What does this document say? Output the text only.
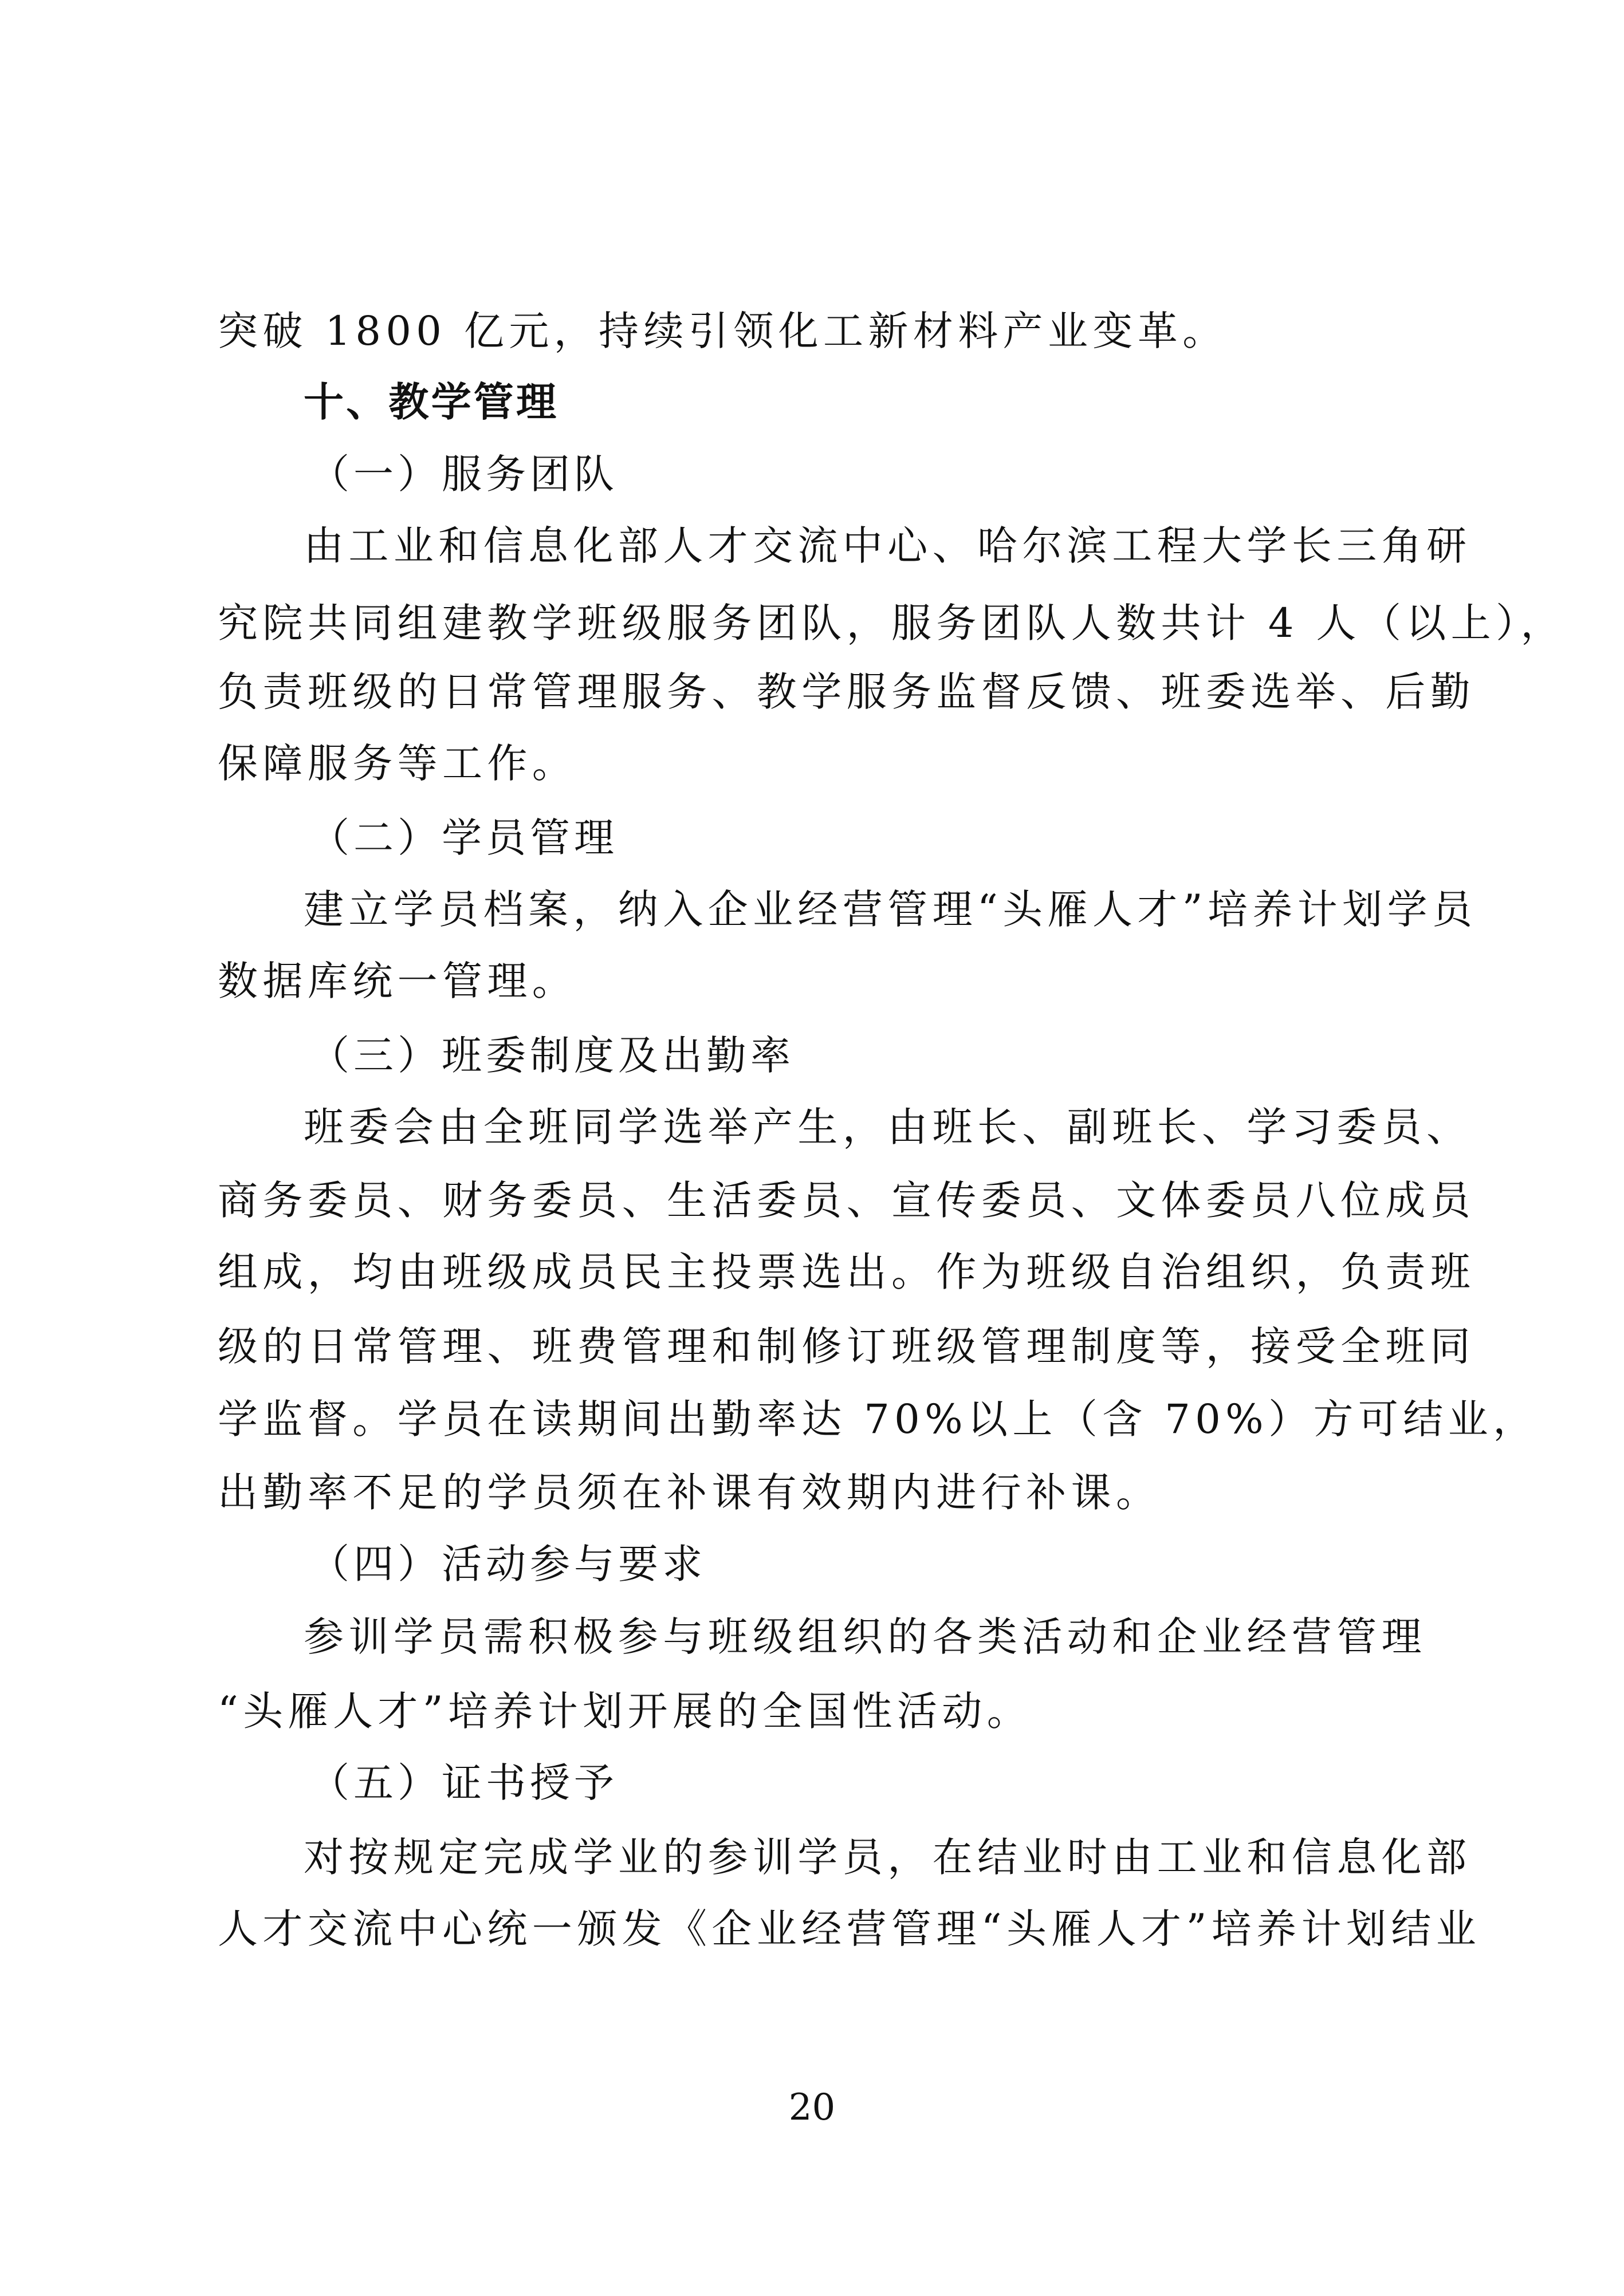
突破 1800 亿元，持续引领化工新材料产业变革。
十、教学管理
（一）服务团队
由工业和信息化部人才交流中心、哈尔滨工程大学长三角研
究院共同组建教学班级服务团队，服务团队人数共计 4 人（以上），
负责班级的日常管理服务、教学服务监督反馈、班委选举、后勤
保障服务等工作。
（二）学员管理
建立学员档案，纳入企业经营管理“头雁人才”培养计划学员
数据库统一管理。
（三）班委制度及出勤率
班委会由全班同学选举产生，由班长、副班长、学习委员、
商务委员、财务委员、生活委员、宣传委员、文体委员八位成员
组成，均由班级成员民主投票选出。作为班级自治组织，负责班
级的日常管理、班费管理和制修订班级管理制度等，接受全班同
学监督。学员在读期间出勤率达 70%以上（含 70%）方可结业，
出勤率不足的学员须在补课有效期内进行补课。
（四）活动参与要求
参训学员需积极参与班级组织的各类活动和企业经营管理
“头雁人才”培养计划开展的全国性活动。
（五）证书授予
对按规定完成学业的参训学员，在结业时由工业和信息化部
人才交流中心统一颁发《企业经营管理“头雁人才”培养计划结业
20
